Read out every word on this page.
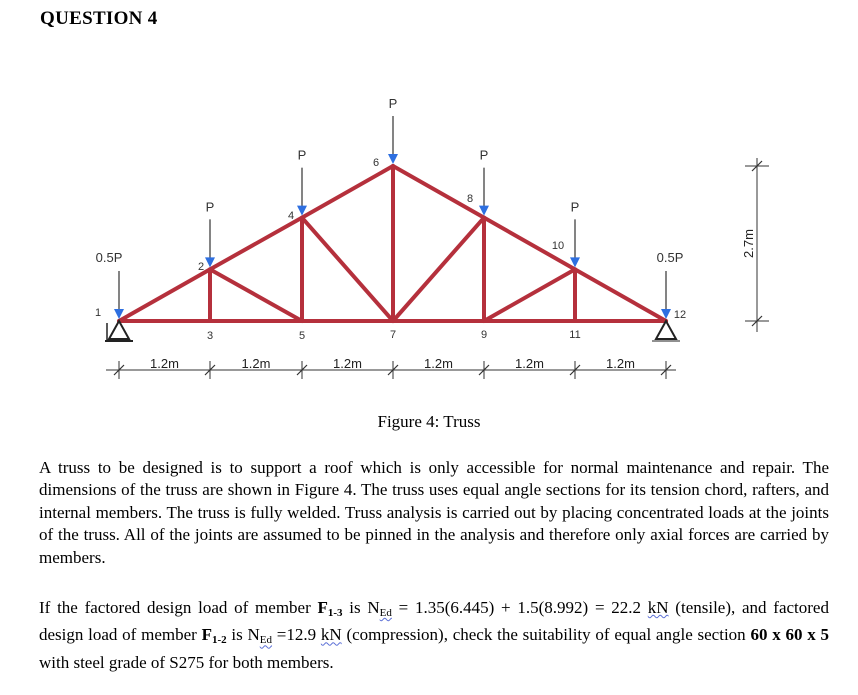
QUESTION 4
0.5P
P
P
P
P
P
0.5P
1
2
3
4
5
6
7
8
9
10
11
12
1.2m	1.2m	1.2m	1.2m	1.2m	1.2m
2.7m
Figure 4: Truss
A truss to be designed is to support a roof which is only accessible for normal maintenance and repair. The dimensions of the truss are shown in Figure 4. The truss uses equal angle sections for its tension chord, rafters, and internal members. The truss is fully welded. Truss analysis is carried out by placing concentrated loads at the joints of the truss. All of the joints are assumed to be pinned in the analysis and therefore only axial forces are carried by members.
If the factored design load of member $F_{1-3}$ is NEd = 1.35(6.445) + 1.5(8.992) = 22.2 kN (tensile), and factored design load of member $F_{1-2}$ is NEd =12.9 kN (compression), check the suitability of equal angle section 60 x 60 x 5 with steel grade of S275 for both members.
